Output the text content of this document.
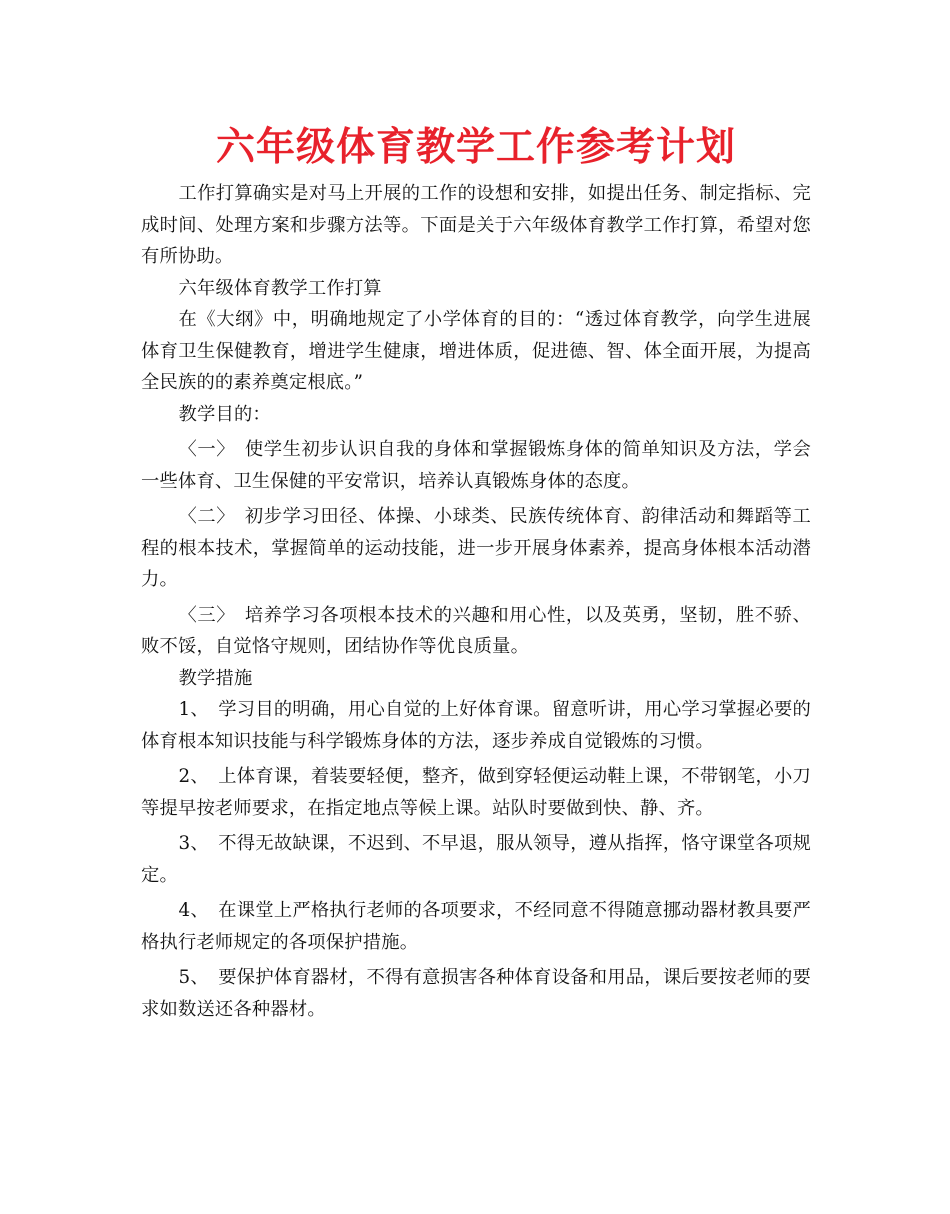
六年级体育教学工作参考计划

工作打算确实是对马上开展的工作的设想和安排，如提出任务、制定指标、完成时间、处理方案和步骤方法等。下面是关于六年级体育教学工作打算，希望对您有所协助。

六年级体育教学工作打算

在《大纲》中，明确地规定了小学体育的目的：“透过体育教学，向学生进展体育卫生保健教育，增进学生健康，增进体质，促进德、智、体全面开展，为提高全民族的的素养奠定根底。”

教学目的：

〈一〉　使学生初步认识自我的身体和掌握锻炼身体的简单知识及方法，学会一些体育、卫生保健的平安常识，培养认真锻炼身体的态度。

〈二〉　初步学习田径、体操、小球类、民族传统体育、韵律活动和舞蹈等工程的根本技术，掌握简单的运动技能，进一步开展身体素养，提高身体根本活动潜力。

〈三〉　培养学习各项根本技术的兴趣和用心性，以及英勇，坚韧，胜不骄、败不馁，自觉恪守规则，团结协作等优良质量。

教学措施

1、　学习目的明确，用心自觉的上好体育课。留意听讲，用心学习掌握必要的体育根本知识技能与科学锻炼身体的方法，逐步养成自觉锻炼的习惯。

2、　上体育课，着装要轻便，整齐，做到穿轻便运动鞋上课，不带钢笔，小刀等提早按老师要求，在指定地点等候上课。站队时要做到快、静、齐。

3、　不得无故缺课，不迟到、不早退，服从领导，遵从指挥，恪守课堂各项规定。

4、　在课堂上严格执行老师的各项要求，不经同意不得随意挪动器材教具要严格执行老师规定的各项保护措施。

5、　要保护体育器材，不得有意损害各种体育设备和用品，课后要按老师的要求如数送还各种器材。
